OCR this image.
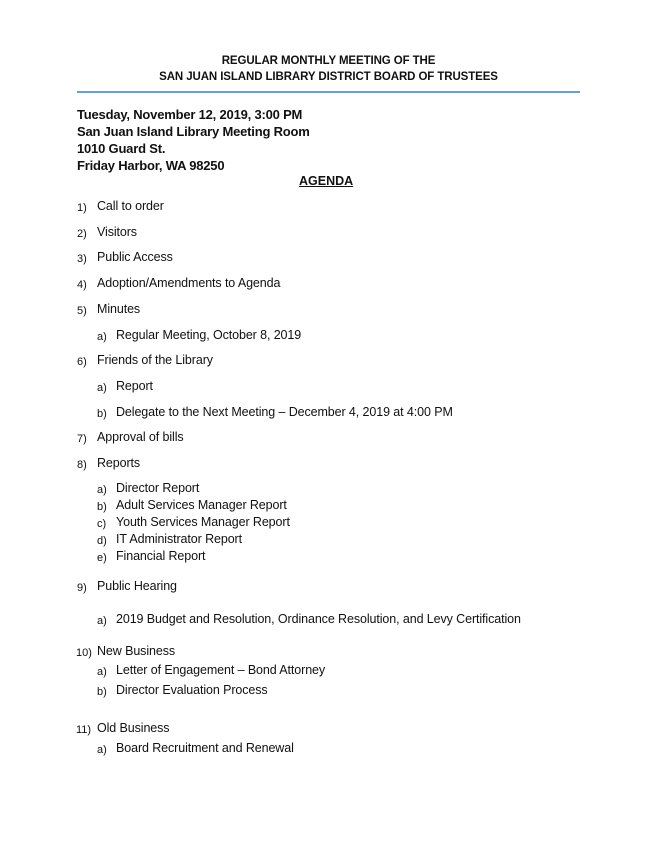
REGULAR MONTHLY MEETING OF THE
SAN JUAN ISLAND LIBRARY DISTRICT BOARD OF TRUSTEES
Tuesday, November 12, 2019, 3:00 PM
San Juan Island Library Meeting Room
1010 Guard St.
Friday Harbor, WA 98250
AGENDA
1) Call to order
2) Visitors
3) Public Access
4) Adoption/Amendments to Agenda
5) Minutes
a) Regular Meeting, October 8, 2019
6) Friends of the Library
a) Report
b) Delegate to the Next Meeting – December 4, 2019 at 4:00 PM
7) Approval of bills
8) Reports
a) Director Report
b) Adult Services Manager Report
c) Youth Services Manager Report
d) IT Administrator Report
e) Financial Report
9) Public Hearing
a) 2019 Budget and Resolution, Ordinance Resolution, and Levy Certification
10) New Business
a) Letter of Engagement – Bond Attorney
b) Director Evaluation Process
11) Old Business
a) Board Recruitment and Renewal
